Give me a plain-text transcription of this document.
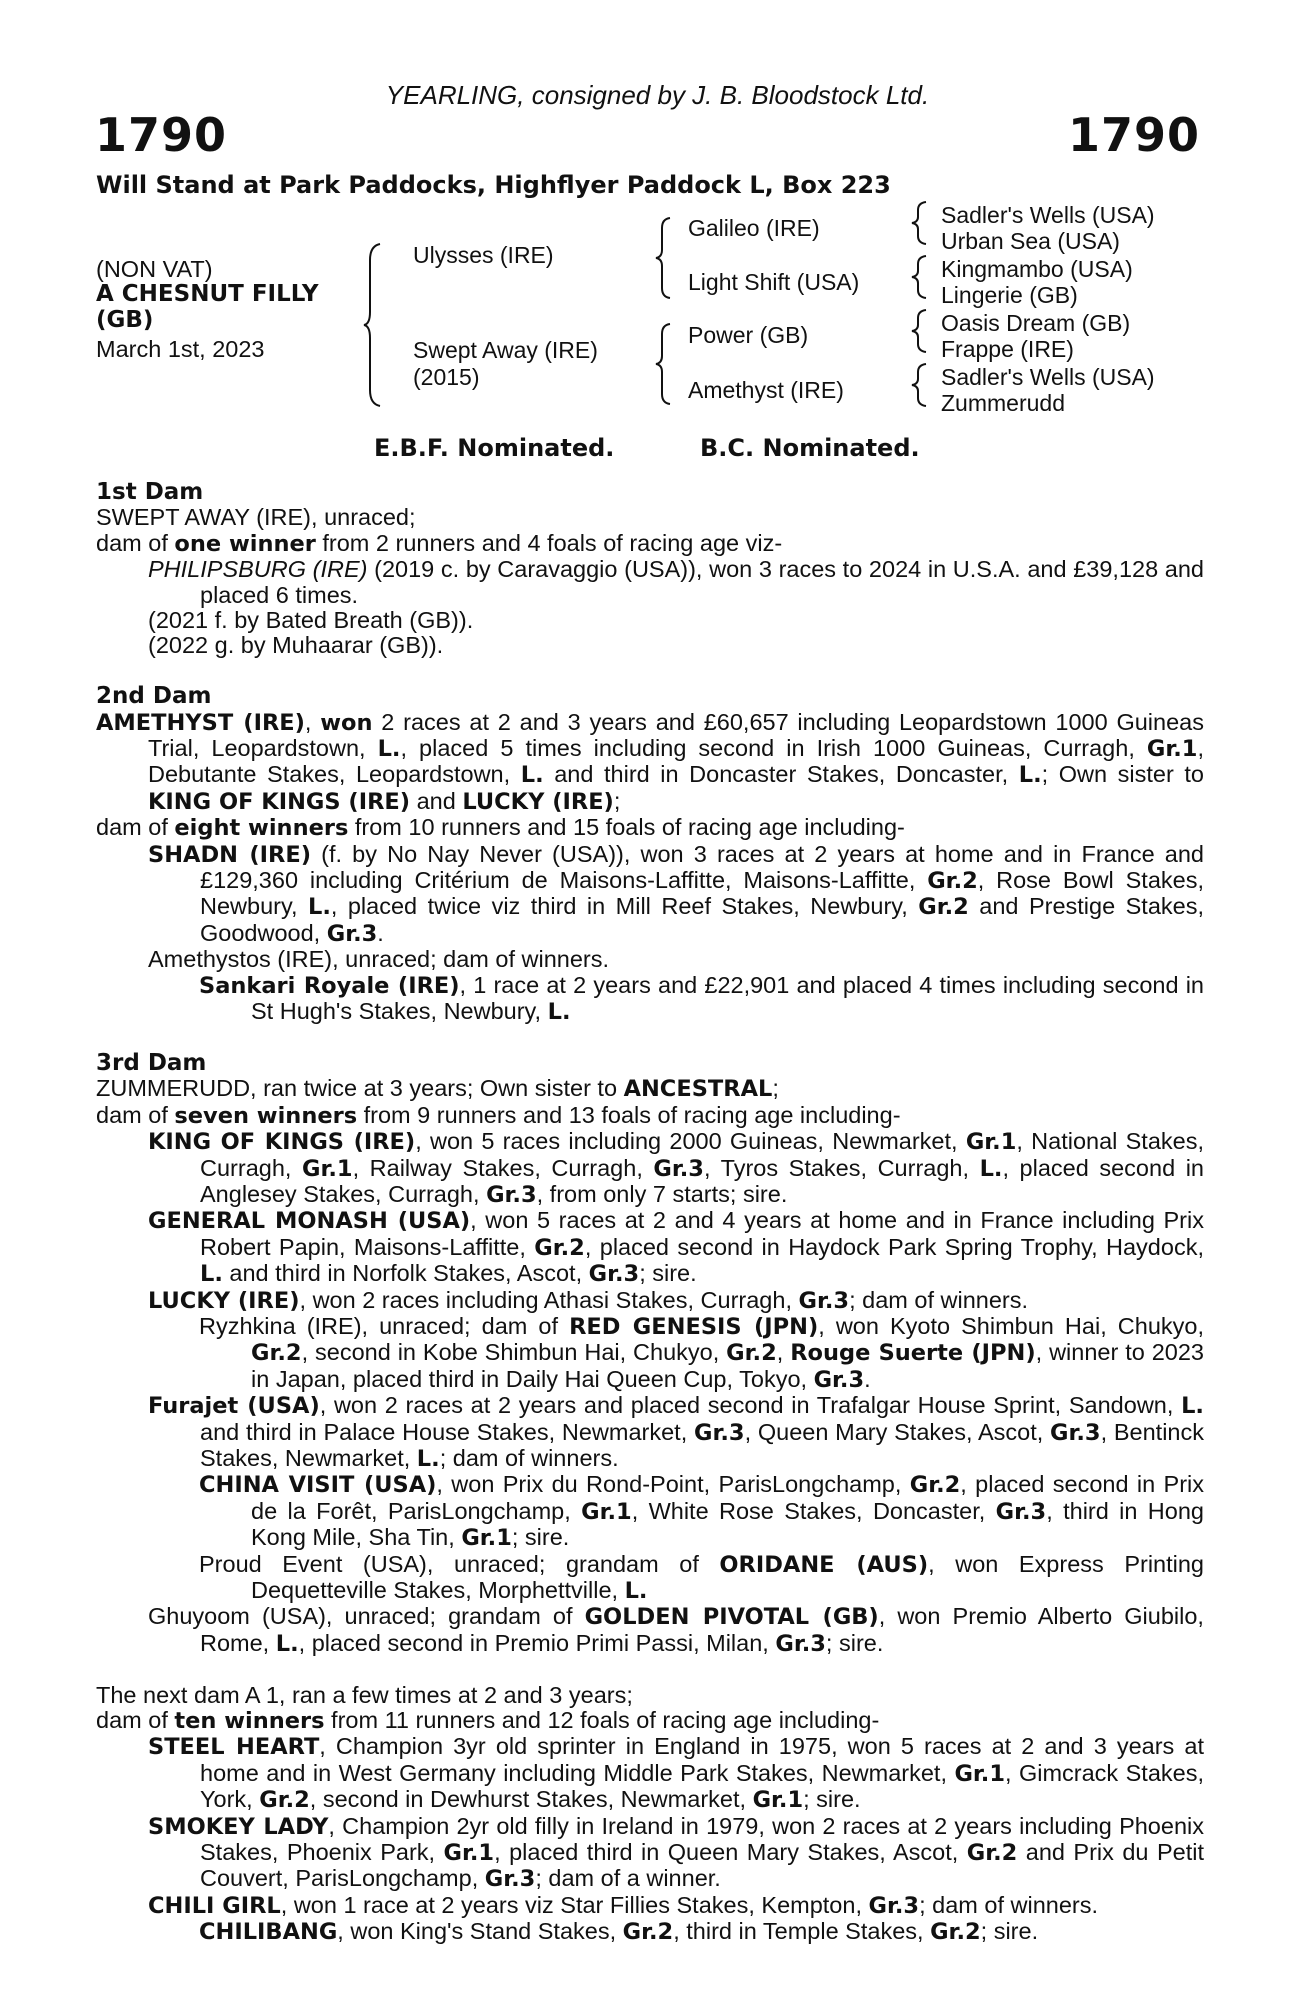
YEARLING, consigned by J. B. Bloodstock Ltd.
1790	1790
Will Stand at Park Paddocks, Highflyer Paddock L, Box 223
(NON VAT)
A CHESNUT FILLY
(GB)
March 1st, 2023
Ulysses (IRE)
Swept Away (IRE)
(2015)
Galileo (IRE)
Light Shift (USA)
Power (GB)
Amethyst (IRE)
Sadler's Wells (USA)
Urban Sea (USA)
Kingmambo (USA)
Lingerie (GB)
Oasis Dream (GB)
Frappe (IRE)
Sadler's Wells (USA)
Zummerudd
E.B.F. Nominated.	B.C. Nominated.
1st Dam
SWEPT AWAY (IRE), unraced;
dam of one winner from 2 runners and 4 foals of racing age viz-
PHILIPSBURG (IRE) (2019 c. by Caravaggio (USA)), won 3 races to 2024 in U.S.A. and £39,128 and placed 6 times.
(2021 f. by Bated Breath (GB)).
(2022 g. by Muhaarar (GB)).
2nd Dam
AMETHYST (IRE), won 2 races at 2 and 3 years and £60,657 including Leopardstown 1000 Guineas Trial, Leopardstown, L., placed 5 times including second in Irish 1000 Guineas, Curragh, Gr.1, Debutante Stakes, Leopardstown, L. and third in Doncaster Stakes, Doncaster, L.; Own sister to KING OF KINGS (IRE) and LUCKY (IRE);
dam of eight winners from 10 runners and 15 foals of racing age including-
SHADN (IRE) (f. by No Nay Never (USA)), won 3 races at 2 years at home and in France and £129,360 including Critérium de Maisons-Laffitte, Maisons-Laffitte, Gr.2, Rose Bowl Stakes, Newbury, L., placed twice viz third in Mill Reef Stakes, Newbury, Gr.2 and Prestige Stakes, Goodwood, Gr.3.
Amethystos (IRE), unraced; dam of winners.
Sankari Royale (IRE), 1 race at 2 years and £22,901 and placed 4 times including second in St Hugh's Stakes, Newbury, L.
3rd Dam
ZUMMERUDD, ran twice at 3 years; Own sister to ANCESTRAL;
dam of seven winners from 9 runners and 13 foals of racing age including-
KING OF KINGS (IRE), won 5 races including 2000 Guineas, Newmarket, Gr.1, National Stakes, Curragh, Gr.1, Railway Stakes, Curragh, Gr.3, Tyros Stakes, Curragh, L., placed second in Anglesey Stakes, Curragh, Gr.3, from only 7 starts; sire.
GENERAL MONASH (USA), won 5 races at 2 and 4 years at home and in France including Prix Robert Papin, Maisons-Laffitte, Gr.2, placed second in Haydock Park Spring Trophy, Haydock, L. and third in Norfolk Stakes, Ascot, Gr.3; sire.
LUCKY (IRE), won 2 races including Athasi Stakes, Curragh, Gr.3; dam of winners.
Ryzhkina (IRE), unraced; dam of RED GENESIS (JPN), won Kyoto Shimbun Hai, Chukyo, Gr.2, second in Kobe Shimbun Hai, Chukyo, Gr.2, Rouge Suerte (JPN), winner to 2023 in Japan, placed third in Daily Hai Queen Cup, Tokyo, Gr.3.
Furajet (USA), won 2 races at 2 years and placed second in Trafalgar House Sprint, Sandown, L. and third in Palace House Stakes, Newmarket, Gr.3, Queen Mary Stakes, Ascot, Gr.3, Bentinck Stakes, Newmarket, L.; dam of winners.
CHINA VISIT (USA), won Prix du Rond-Point, ParisLongchamp, Gr.2, placed second in Prix de la Forêt, ParisLongchamp, Gr.1, White Rose Stakes, Doncaster, Gr.3, third in Hong Kong Mile, Sha Tin, Gr.1; sire.
Proud Event (USA), unraced; grandam of ORIDANE (AUS), won Express Printing Dequetteville Stakes, Morphettville, L.
Ghuyoom (USA), unraced; grandam of GOLDEN PIVOTAL (GB), won Premio Alberto Giubilo, Rome, L., placed second in Premio Primi Passi, Milan, Gr.3; sire.
The next dam A 1, ran a few times at 2 and 3 years;
dam of ten winners from 11 runners and 12 foals of racing age including-
STEEL HEART, Champion 3yr old sprinter in England in 1975, won 5 races at 2 and 3 years at home and in West Germany including Middle Park Stakes, Newmarket, Gr.1, Gimcrack Stakes, York, Gr.2, second in Dewhurst Stakes, Newmarket, Gr.1; sire.
SMOKEY LADY, Champion 2yr old filly in Ireland in 1979, won 2 races at 2 years including Phoenix Stakes, Phoenix Park, Gr.1, placed third in Queen Mary Stakes, Ascot, Gr.2 and Prix du Petit Couvert, ParisLongchamp, Gr.3; dam of a winner.
CHILI GIRL, won 1 race at 2 years viz Star Fillies Stakes, Kempton, Gr.3; dam of winners.
CHILIBANG, won King's Stand Stakes, Gr.2, third in Temple Stakes, Gr.2; sire.
